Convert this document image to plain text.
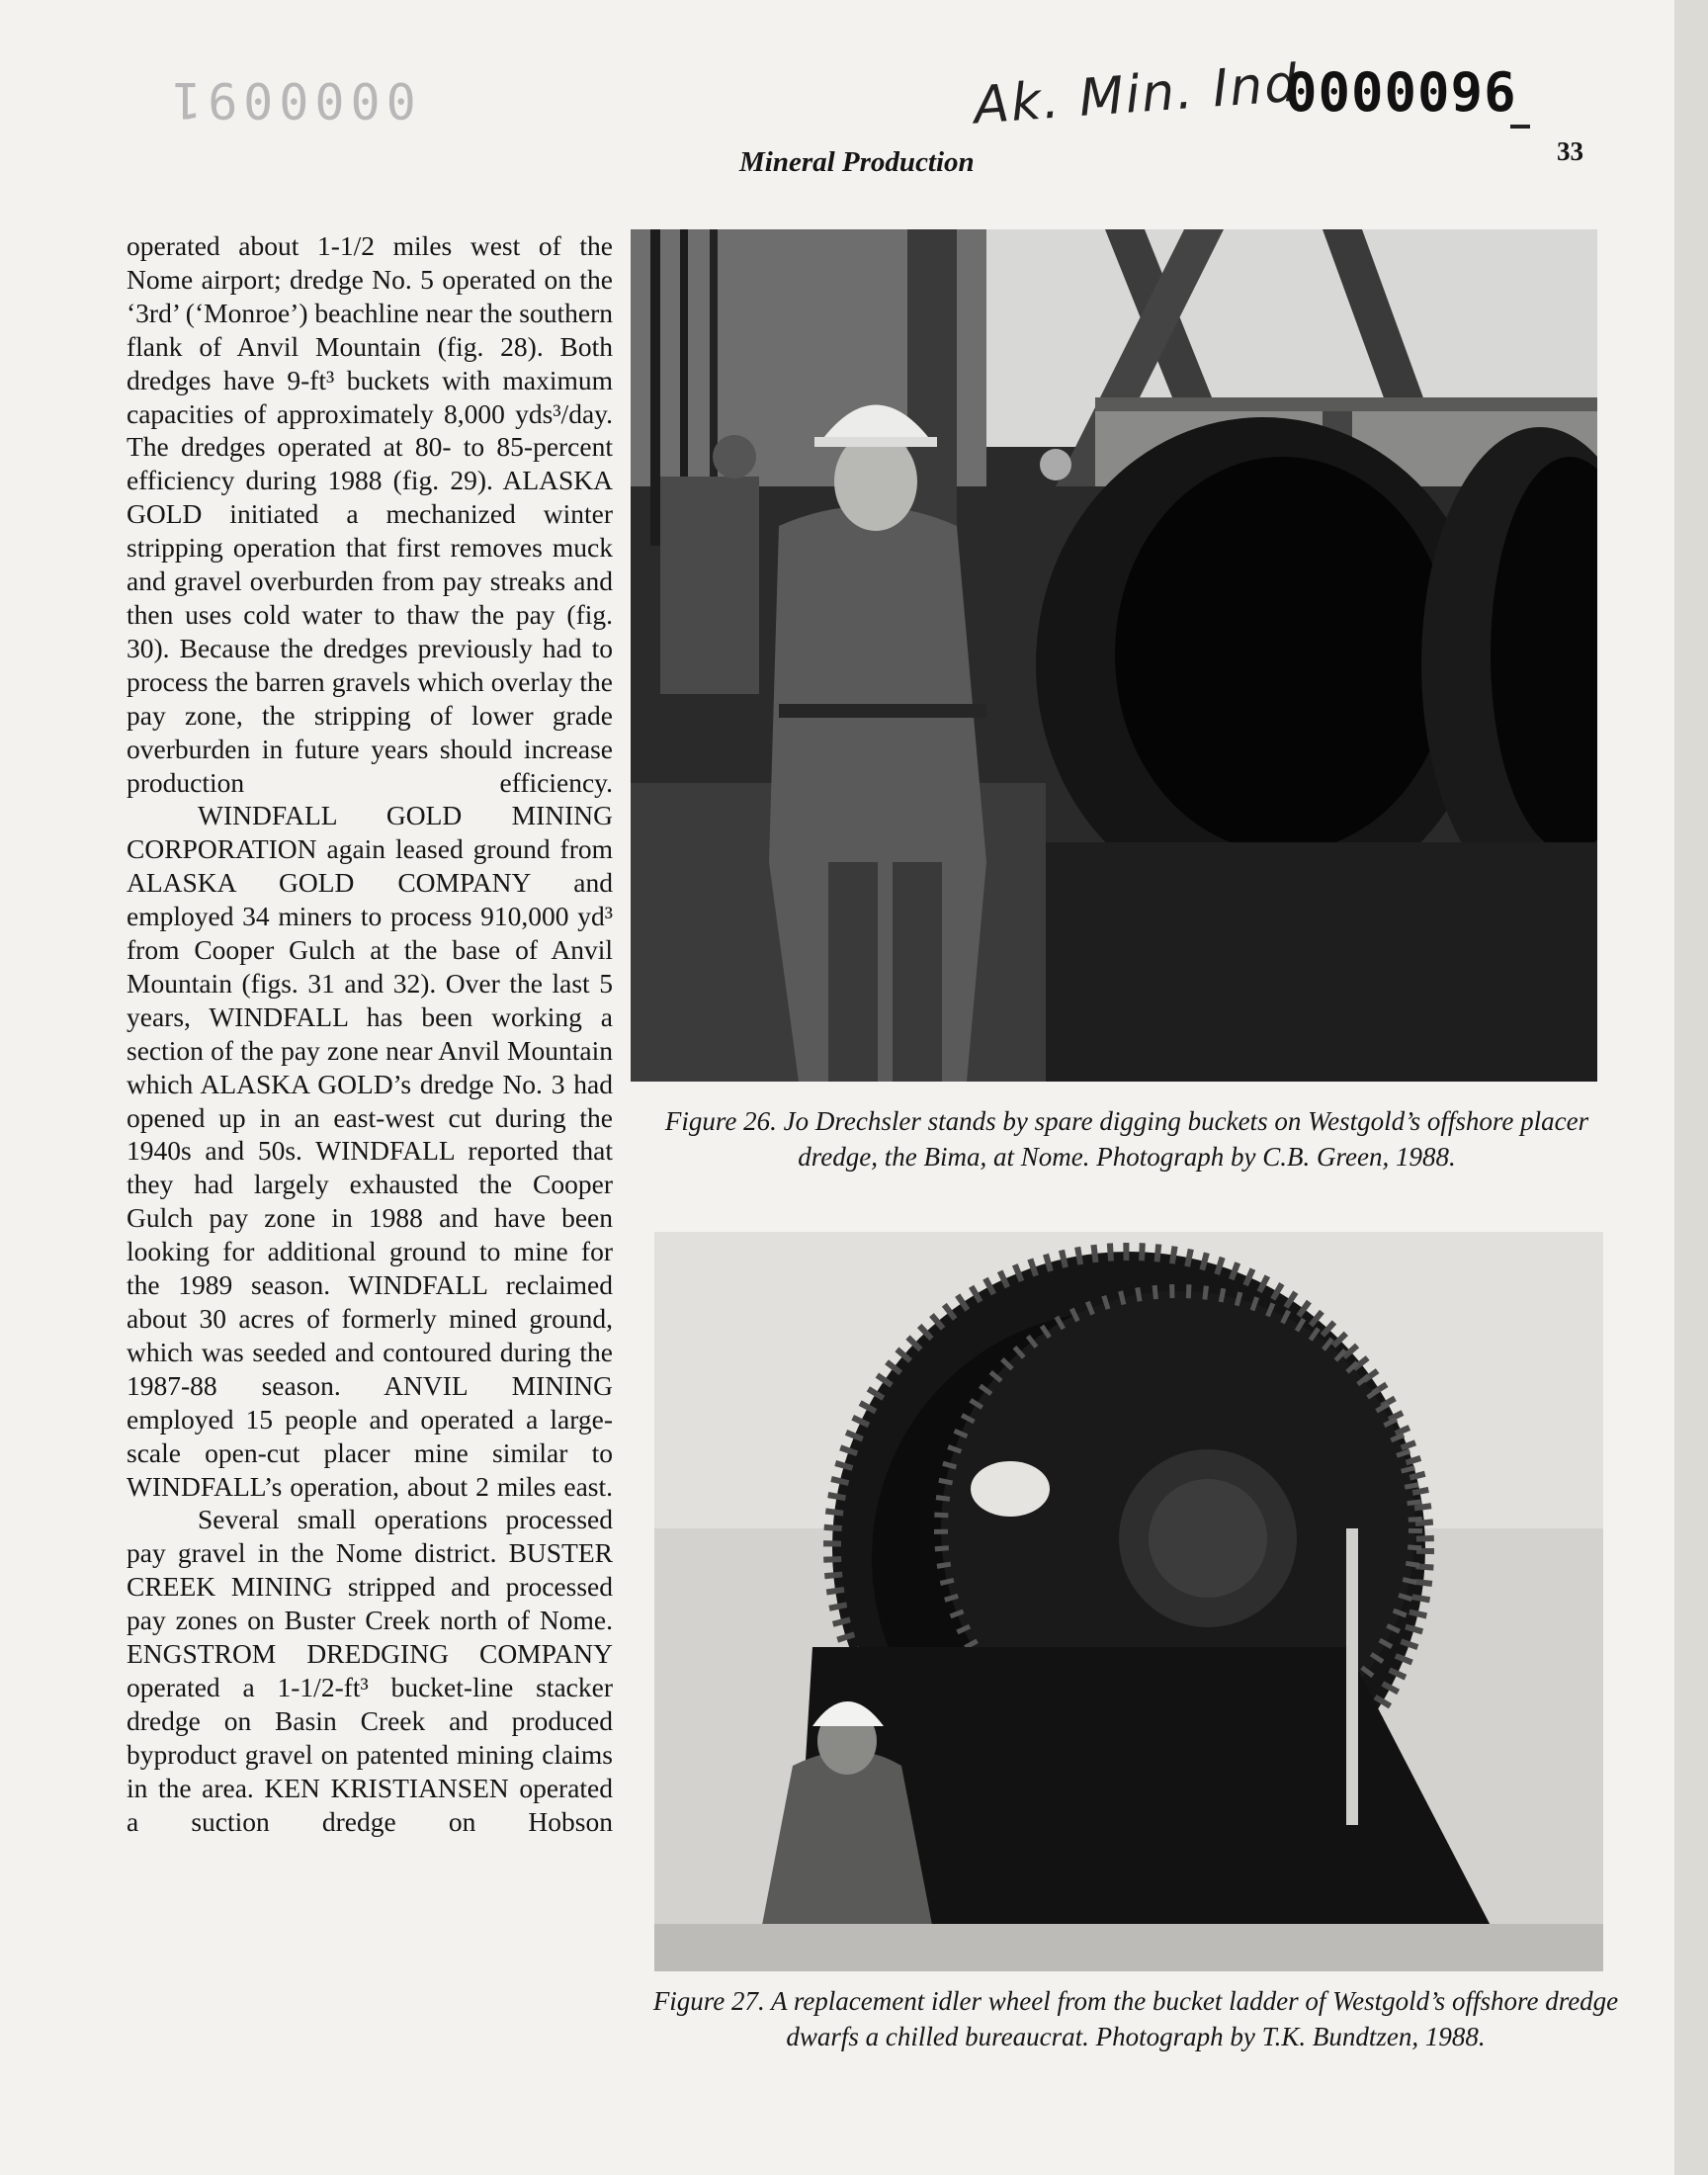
0000091	Ak. Min. Ind
0000096
Mineral Production	33

operated about 1-1/2 miles west of the Nome airport; dredge No. 5 operated on the ‘3rd’ (‘Monroe’) beachline near the southern flank of Anvil Mountain (fig. 28). Both dredges have 9-ft³ buckets with maximum capacities of approximately 8,000 yds³/day. The dredges operated at 80- to 85-percent efficiency during 1988 (fig. 29). ALASKA GOLD initiated a mechanized winter stripping operation that first removes muck and gravel overburden from pay streaks and then uses cold water to thaw the pay (fig. 30). Because the dredges previously had to process the barren gravels which overlay the pay zone, the stripping of lower grade overburden in future years should increase production efficiency.

WINDFALL GOLD MINING CORPORATION again leased ground from ALASKA GOLD COMPANY and employed 34 miners to process 910,000 yd³ from Cooper Gulch at the base of Anvil Mountain (figs. 31 and 32). Over the last 5 years, WINDFALL has been working a section of the pay zone near Anvil Mountain which ALASKA GOLD’s dredge No. 3 had opened up in an east-west cut during the 1940s and 50s. WINDFALL reported that they had largely exhausted the Cooper Gulch pay zone in 1988 and have been looking for additional ground to mine for the 1989 season. WINDFALL reclaimed about 30 acres of formerly mined ground, which was seeded and contoured during the 1987-88 season. ANVIL MINING employed 15 people and operated a large-scale open-cut placer mine similar to WINDFALL’s operation, about 2 miles east.

Several small operations processed pay gravel in the Nome district. BUSTER CREEK MINING stripped and processed pay zones on Buster Creek north of Nome. ENGSTROM DREDGING COMPANY operated a 1-1/2-ft³ bucket-line stacker dredge on Basin Creek and produced byproduct gravel on patented mining claims in the area. KEN KRISTIANSEN operated a suction dredge on Hobson

Figure 26. Jo Drechsler stands by spare digging buckets on Westgold’s offshore placer dredge, the Bima, at Nome. Photograph by C.B. Green, 1988.
Figure 27. A replacement idler wheel from the bucket ladder of Westgold’s offshore dredge dwarfs a chilled bureaucrat. Photograph by T.K. Bundtzen, 1988.
